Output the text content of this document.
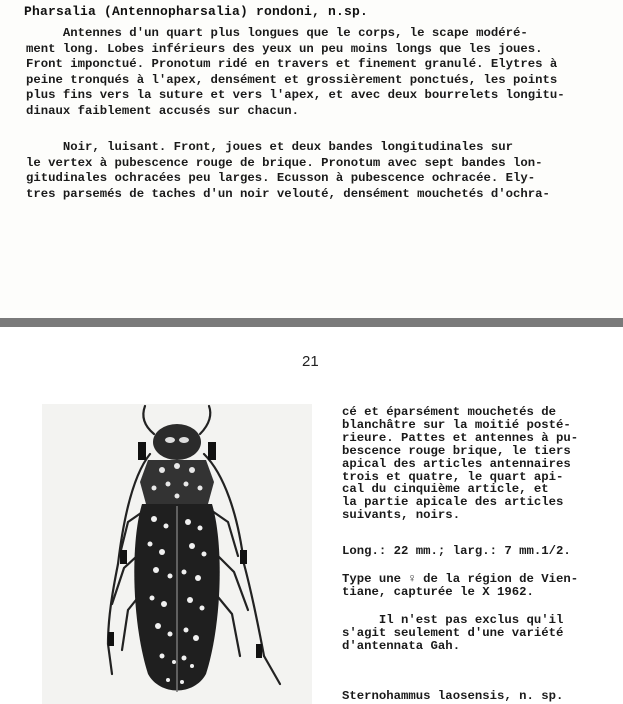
Pharsalia (Antennopharsalia) rondoni, n.sp.

Antennes d'un quart plus longues que le corps, le scape modéré-
ment long. Lobes inférieurs des yeux un peu moins longs que les joues.
Front imponctué. Pronotum ridé en travers et finement granulé. Elytres à
peine tronqués à l'apex, densément et grossièrement ponctués, les points
plus fins vers la suture et vers l'apex, et avec deux bourrelets longitu-
dinaux faiblement accusés sur chacun.

Noir, luisant. Front, joues et deux bandes longitudinales sur
le vertex à pubescence rouge de brique. Pronotum avec sept bandes lon-
gitudinales ochracées peu larges. Ecusson à pubescence ochracée. Ely-
tres parsemés de taches d'un noir velouté, densément mouchetés d'ochra-

21

cé et éparsément mouchetés de
blanchâtre sur la moitié posté-
rieure. Pattes et antennes à pu-
bescence rouge brique, le tiers
apical des articles antennaires
trois et quatre, le quart api-
cal du cinquième article, et
la partie apicale des articles
suivants, noirs.

Long.: 22 mm.; larg.: 7 mm.1/2.

Type une ♀ de la région de Vien-
tiane, capturée le X 1962.

Il n'est pas exclus qu'il
s'agit seulement d'une variété
d'antennata Gah.

Sternohammus laosensis, n. sp.
